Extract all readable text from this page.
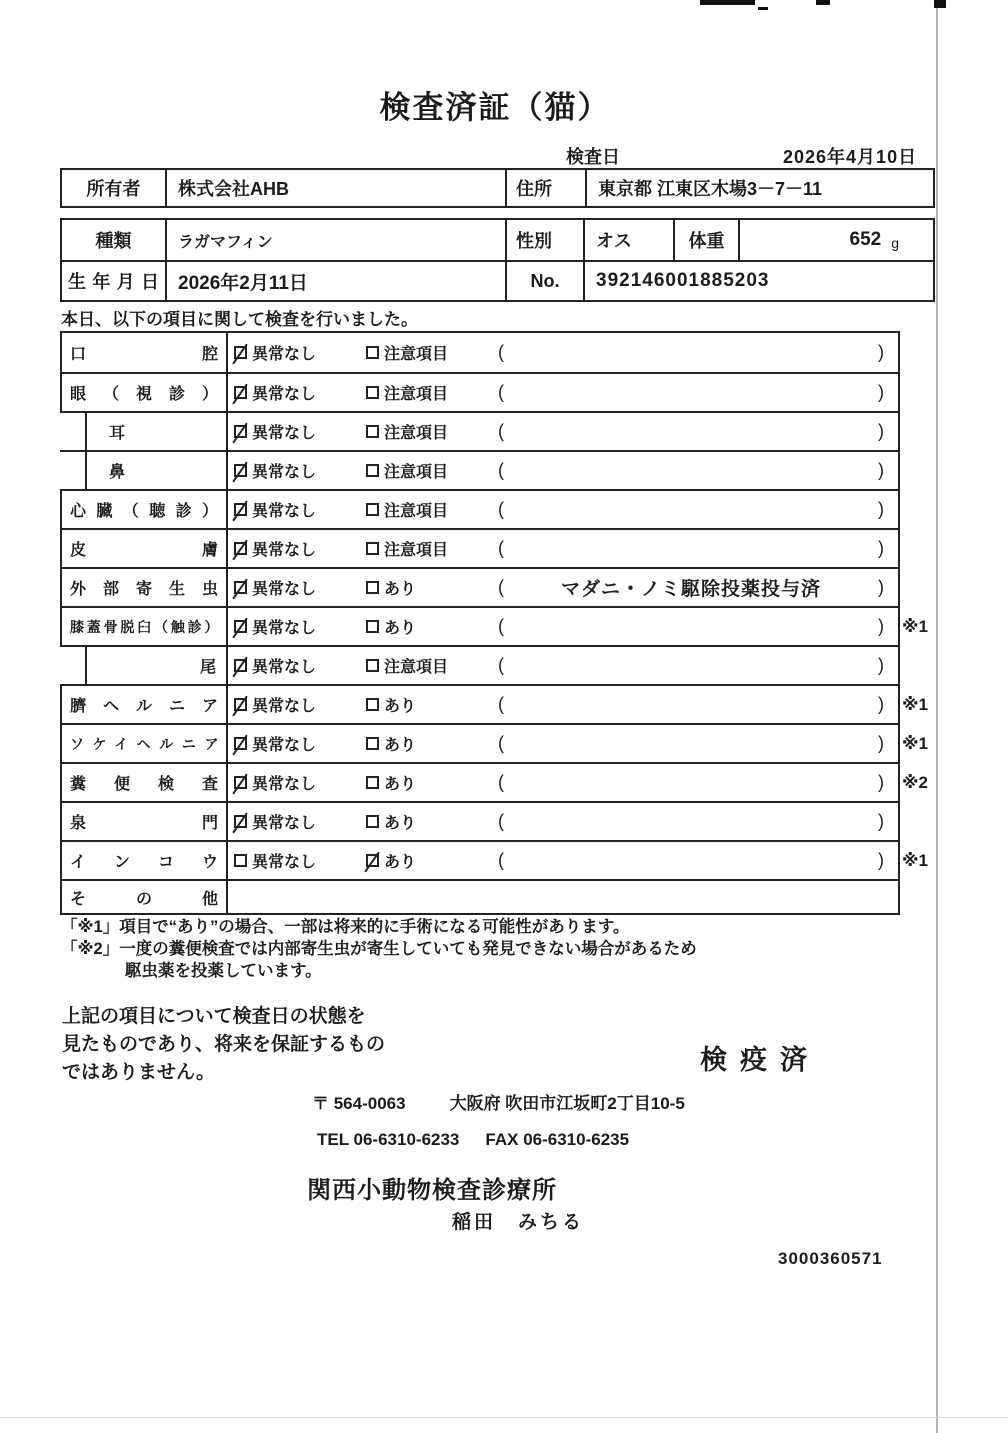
検査済証（猫）
検査日	2026年4月10日
所有者	株式会社AHB	住所	東京都 江東区木場3－7－11
種類	ラガマフィン	性別	オス	体重	652 g
生年月日	2026年2月11日	No.	392146001885203
本日、以下の項目に関して検査を行いました。
口腔 異常なし	注意項目	(	)
眼（視診） 異常なし	注意項目	(	)
耳	異常なし	注意項目	(	)
鼻	異常なし	注意項目	(	)
心臓（聴診） 異常なし	注意項目	(	)
皮膚 異常なし	注意項目	(	)
外部寄生虫 異常なし	あり	(	マダニ・ノミ駆除投薬投与済	)
膝蓋骨脱臼（触診） 異常なし	あり	(	) ※1
尾 異常なし	注意項目	(	)
臍ヘルニア 異常なし	あり	(	) ※1
ソケイヘルニア 異常なし	あり	(	) ※1
糞便検査 異常なし	あり	(	) ※2
泉門 異常なし	あり	(	)
インコウ 異常なし	あり	(	) ※1
その他
「※1」項目で“あり”の場合、一部は将来的に手術になる可能性があります。
「※2」一度の糞便検査では内部寄生虫が寄生していても発見できない場合があるため
駆虫薬を投薬しています。
上記の項目について検査日の状態を
見たものであり、将来を保証するもの
ではありません。	検疫済
〒 564-0063	大阪府 吹田市江坂町2丁目10-5
TEL 06-6310-6233 FAX 06-6310-6235
関西小動物検査診療所
稲田　みちる
3000360571
